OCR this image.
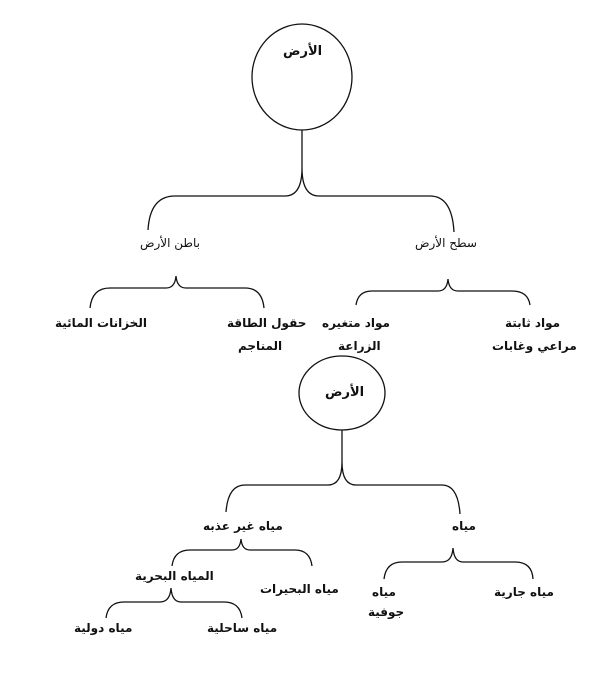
الأرض
باطن الأرض	سطح الأرض
الخزانات المائية	حقول الطاقة
المناجم
مواد متغيره
الزراعة
مواد ثابتة
مراعي وغابات
الأرض
مياه غير عذبه	مياه
المياه البحرية
مياه البحيرات
مياه دولية	مياه ساحلية
مياه
جوفية
مياه جارية
